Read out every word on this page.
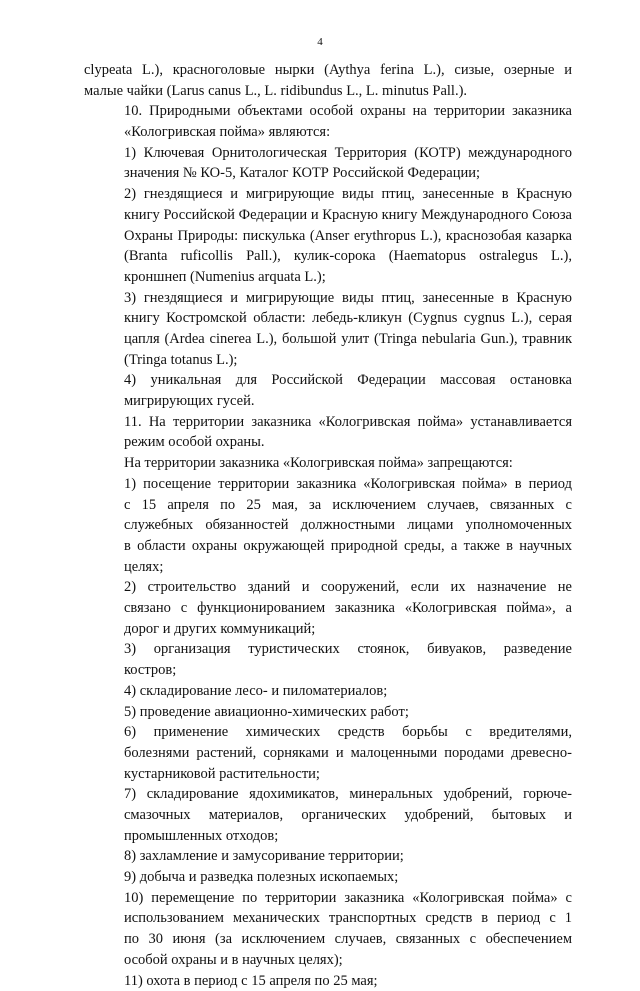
4

clypeata L.), красноголовые нырки (Aythya ferina L.), сизые, озерные и
малые чайки (Larus canus L., L. ridibundus L., L. minutus Pall.).

10. Природными объектами особой охраны на территории заказника
«Кологривская пойма» являются:

1) Ключевая Орнитологическая Территория (КОТР) международного
значения № КО-5, Каталог КОТР Российской Федерации;

2) гнездящиеся и мигрирующие виды птиц, занесенные в Красную
книгу Российской Федерации и Красную книгу Международного Союза
Охраны Природы: пискулька (Anser erythropus L.), краснозобая казарка
(Branta ruficollis Pall.), кулик-сорока (Haematopus ostralegus L.),
кроншнеп (Numenius arquata L.);

3) гнездящиеся и мигрирующие виды птиц, занесенные в Красную
книгу Костромской области: лебедь-кликун (Cygnus cygnus L.), серая
цапля (Ardea cinerea L.), большой улит (Tringa nebularia Gun.), травник
(Tringa totanus L.);

4) уникальная для Российской Федерации массовая остановка
мигрирующих гусей.

11. На территории заказника «Кологривская пойма» устанавливается
режим особой охраны.

На территории заказника «Кологривская пойма» запрещаются:

1) посещение территории заказника «Кологривская пойма» в период
с 15 апреля по 25 мая, за исключением случаев, связанных с
служебных обязанностей должностными лицами уполномоченных
в области охраны окружающей природной среды, а также в научных
целях;

2) строительство зданий и сооружений, если их назначение не
связано с функционированием заказника «Кологривская пойма», а
дорог и других коммуникаций;

3) организация туристических стоянок, бивуаков, разведение
костров;

4) складирование лесо- и пиломатериалов;

5) проведение авиационно-химических работ;

6) применение химических средств борьбы с вредителями,
болезнями растений, сорняками и малоценными породами древесно-
кустарниковой растительности;

7) складирование ядохимикатов, минеральных удобрений, горюче-
смазочных материалов, органических удобрений, бытовых и
промышленных отходов;

8) захламление и замусоривание территории;

9) добыча и разведка полезных ископаемых;

10) перемещение по территории заказника «Кологривская пойма» с
использованием механических транспортных средств в период с 1
по 30 июня (за исключением случаев, связанных с обеспечением
особой охраны и в научных целях);

11) охота в период с 15 апреля по 25 мая;
